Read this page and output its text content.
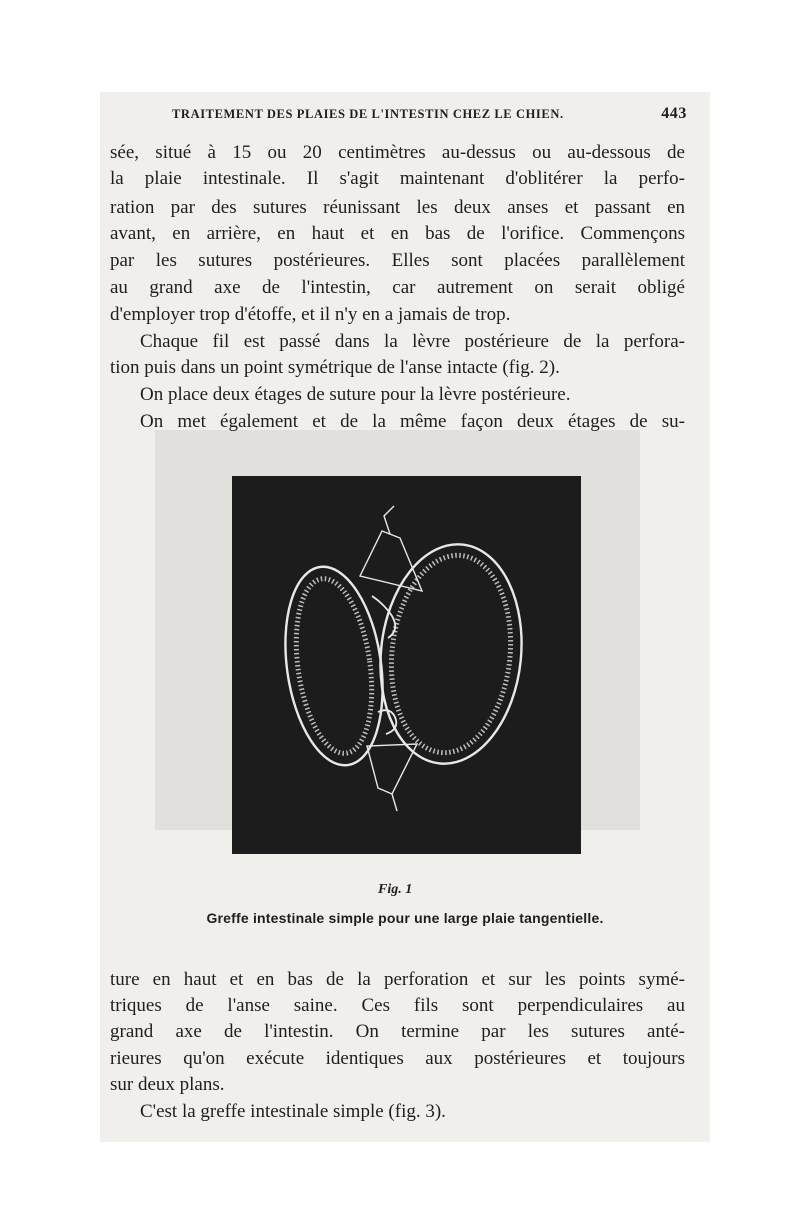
TRAITEMENT DES PLAIES DE L'INTESTIN CHEZ LE CHIEN.	443
sée, situé à 15 ou 20 centimètres au-dessus ou au-dessous de
la plaie intestinale. Il s'agit maintenant d'oblitérer la perfo-
ration par des sutures réunissant les deux anses et passant en
avant, en arrière, en haut et en bas de l'orifice. Commençons
par les sutures postérieures. Elles sont placées parallèlement
au grand axe de l'intestin, car autrement on serait obligé
d'employer trop d'étoffe, et il n'y en a jamais de trop.
Chaque fil est passé dans la lèvre postérieure de la perfora-
tion puis dans un point symétrique de l'anse intacte (fig. 2).
On place deux étages de suture pour la lèvre postérieure.
On met également et de la même façon deux étages de su-
Fig. 1
Greffe intestinale simple pour une large plaie tangentielle.
ture en haut et en bas de la perforation et sur les points symé-
triques de l'anse saine. Ces fils sont perpendiculaires au
grand axe de l'intestin. On termine par les sutures anté-
rieures qu'on exécute identiques aux postérieures et toujours
sur deux plans.
C'est la greffe intestinale simple (fig. 3).
